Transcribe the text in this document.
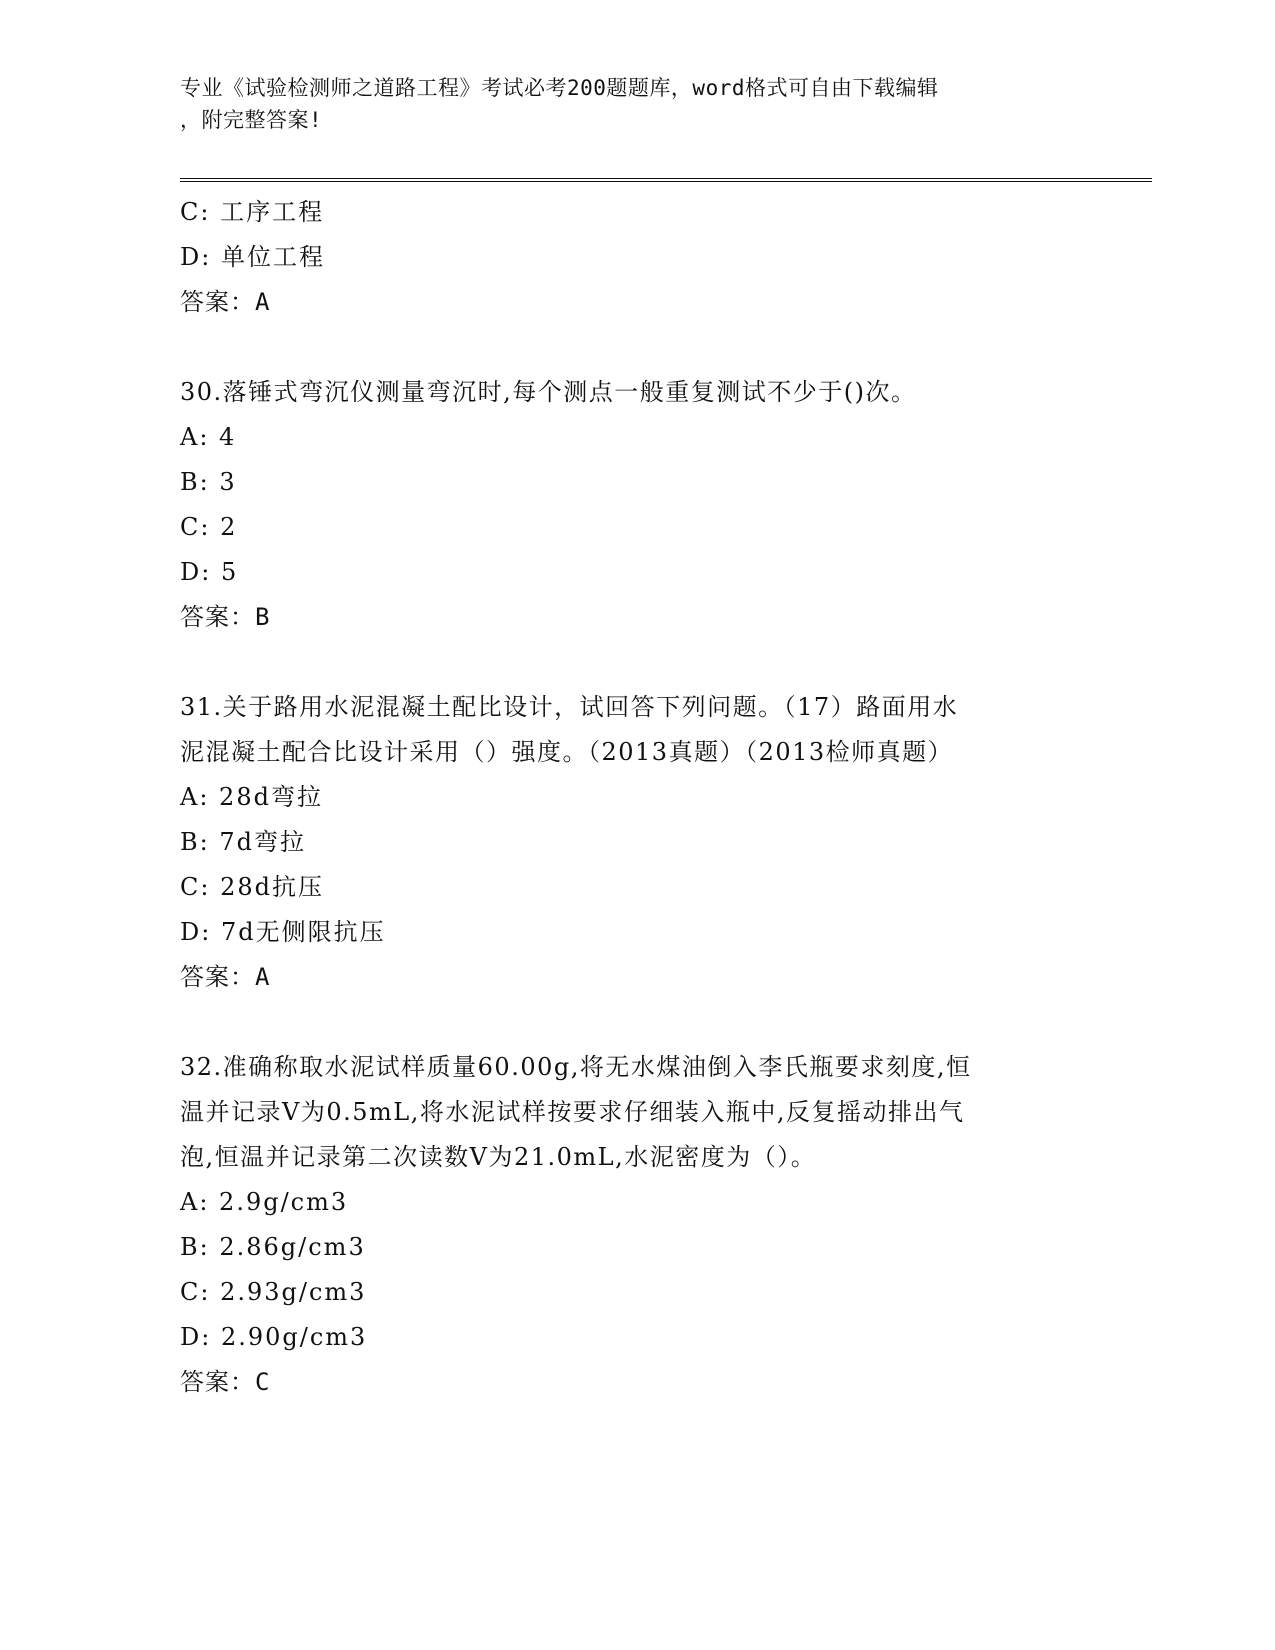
专业《试验检测师之道路工程》考试必考200题题库，word格式可自由下载编辑
，附完整答案!
C: 工序工程
D: 单位工程
答案：A
30.落锤式弯沉仪测量弯沉时,每个测点一般重复测试不少于()次。
A: 4
B: 3
C: 2
D: 5
答案：B
31.关于路用水泥混凝土配比设计，试回答下列问题。（17）路面用水
泥混凝土配合比设计采用（）强度。（2013真题）（2013检师真题）
A: 28d弯拉
B: 7d弯拉
C: 28d抗压
D: 7d无侧限抗压
答案：A
32.准确称取水泥试样质量60.00g,将无水煤油倒入李氏瓶要求刻度,恒
温并记录V为0.5mL,将水泥试样按要求仔细装入瓶中,反复摇动排出气
泡,恒温并记录第二次读数V为21.0mL,水泥密度为（）。
A: 2.9g/cm3
B: 2.86g/cm3
C: 2.93g/cm3
D: 2.90g/cm3
答案：C
